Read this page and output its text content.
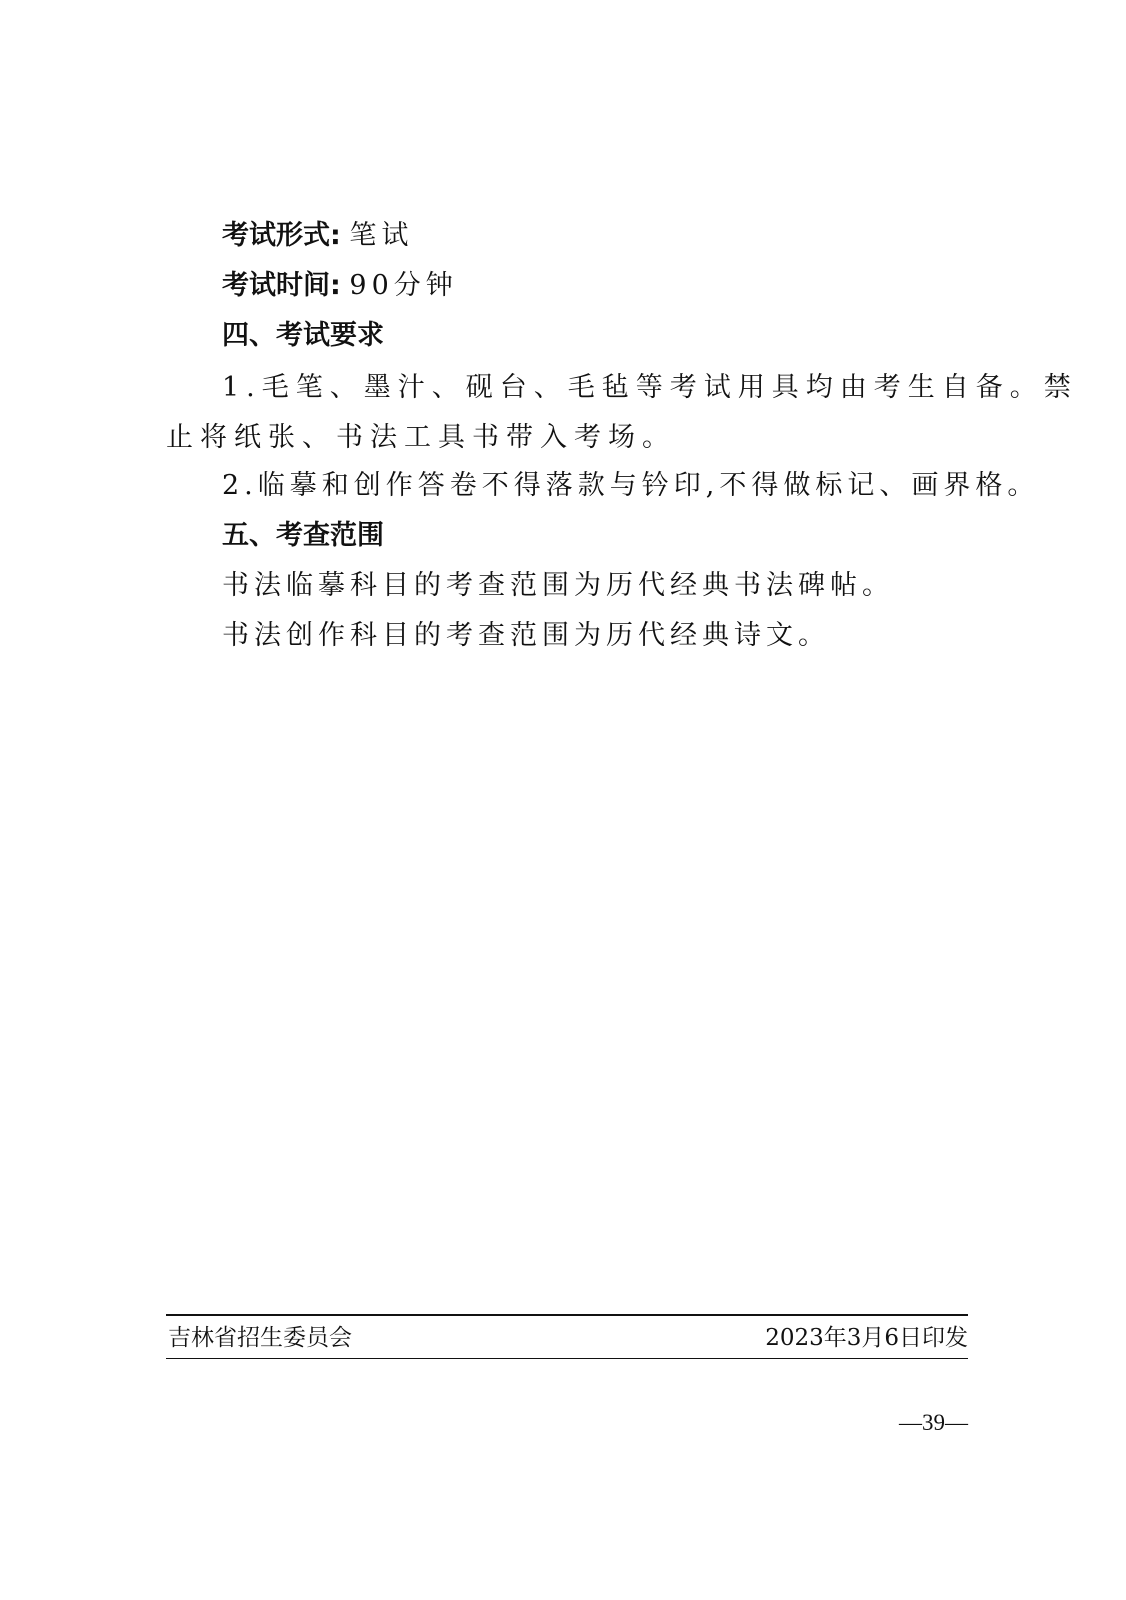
考试形式: 笔试
考试时间: 90分钟
四、考试要求
1.毛笔、墨汁、砚台、毛毡等考试用具均由考生自备。禁
止将纸张、书法工具书带入考场。
2.临摹和创作答卷不得落款与钤印,不得做标记、画界格。
五、考查范围
书法临摹科目的考查范围为历代经典书法碑帖。
书法创作科目的考查范围为历代经典诗文。
吉林省招生委员会	2023年3月6日印发
—39—
